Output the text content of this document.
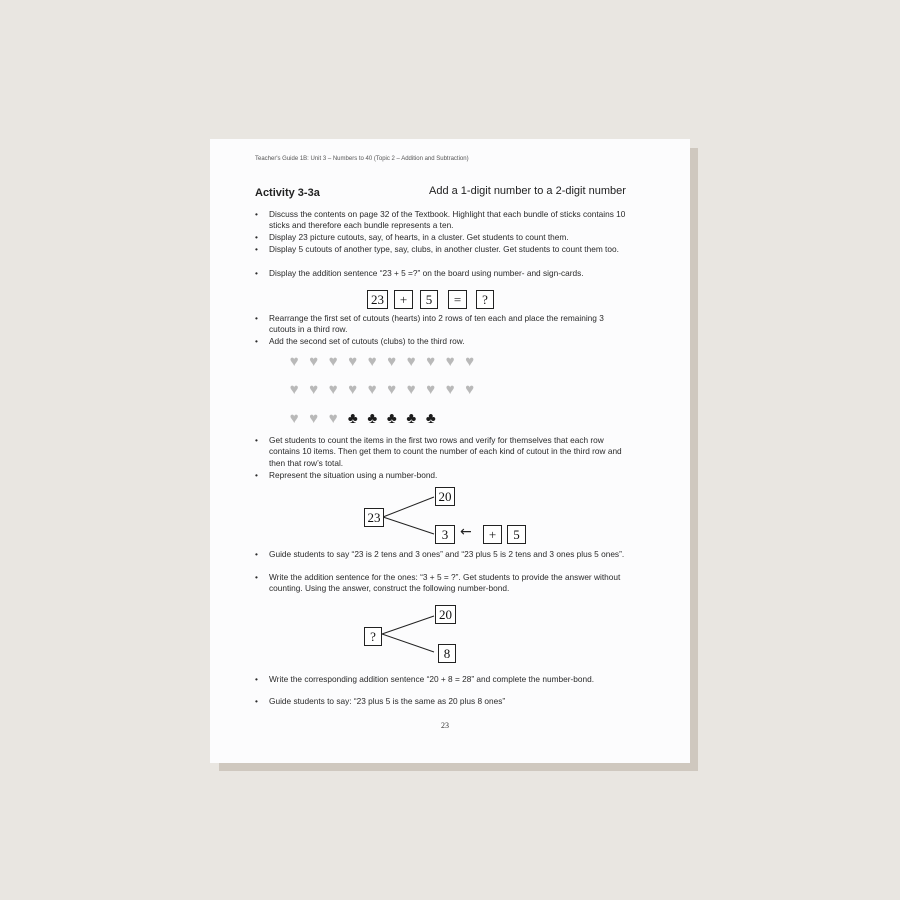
Teacher's Guide 1B: Unit 3 – Numbers to 40 (Topic 2 – Addition and Subtraction)
Activity 3-3a	Add a 1-digit number to a 2-digit number
•	Discuss the contents on page 32 of the Textbook. Highlight that each bundle of sticks contains 10 sticks and therefore each bundle represents a ten.
•	Display 23 picture cutouts, say, of hearts, in a cluster. Get students to count them.
•	Display 5 cutouts of another type, say, clubs, in another cluster. Get students to count them too.
•	Display the addition sentence “23 + 5 =?” on the board using number- and sign-cards.
23	+	5	=	?
•	Rearrange the first set of cutouts (hearts) into 2 rows of ten each and place the remaining 3 cutouts in a third row.
•	Add the second set of cutouts (clubs) to the third row.
♥ ♥ ♥ ♥ ♥ ♥ ♥ ♥ ♥ ♥
♥ ♥ ♥ ♥ ♥ ♥ ♥ ♥ ♥ ♥
♥ ♥ ♥ ♣ ♣ ♣ ♣ ♣
•	Get students to count the items in the first two rows and verify for themselves that each row contains 10 items. Then get them to count the number of each kind of cutout in the third row and then that row’s total.
•	Represent the situation using a number-bond.
23
20
3 ←	+	5
•	Guide students to say “23 is 2 tens and 3 ones” and “23 plus 5 is 2 tens and 3 ones plus 5 ones”.
•	Write the addition sentence for the ones: “3 + 5 = ?”. Get students to provide the answer without counting. Using the answer, construct the following number-bond.
?
20
8
•	Write the corresponding addition sentence “20 + 8 = 28” and complete the number-bond.
•	Guide students to say: “23 plus 5 is the same as 20 plus 8 ones”
23
